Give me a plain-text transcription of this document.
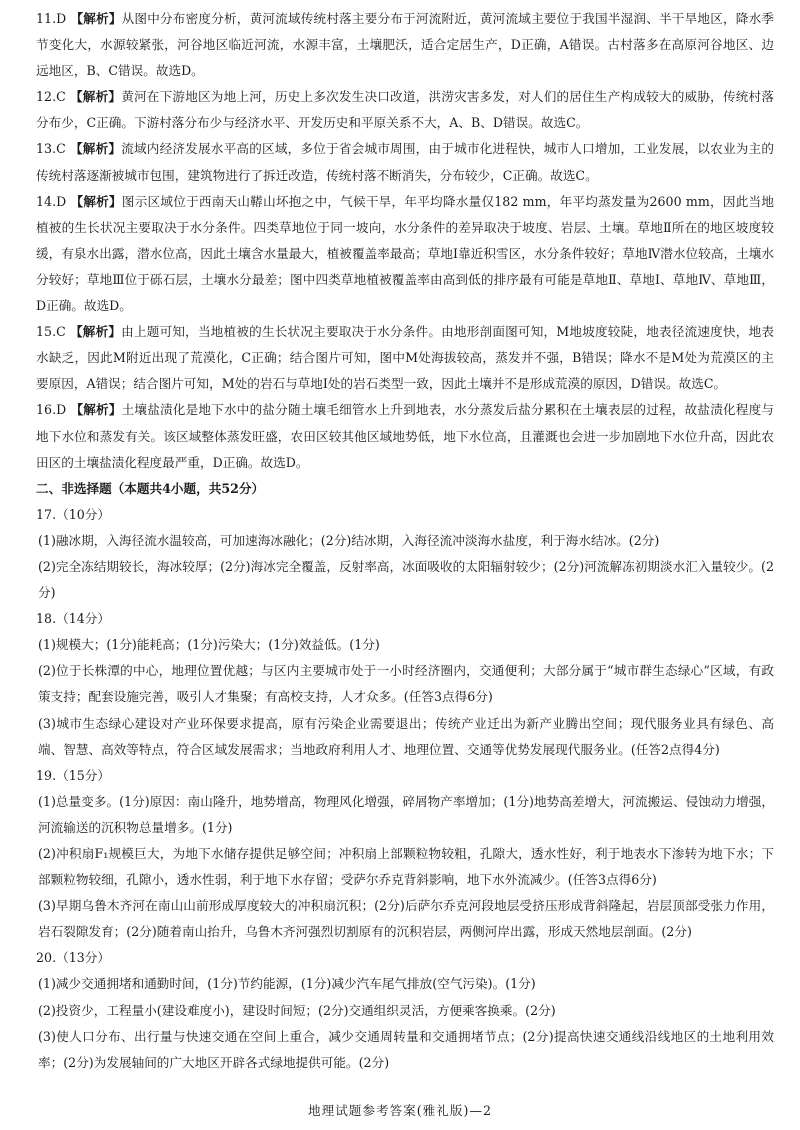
11.D 【解析】从图中分布密度分析，黄河流域传统村落主要分布于河流附近，黄河流域主要位于我国半湿润、半干旱地区，降水季节变化大，水源较紧张，河谷地区临近河流，水源丰富，土壤肥沃，适合定居生产，D正确，A错误。古村落多在高原河谷地区、边远地区，B、C错误。故选D。

12.C 【解析】黄河在下游地区为地上河，历史上多次发生决口改道，洪涝灾害多发，对人们的居住生产构成较大的威胁，传统村落分布少，C正确。下游村落分布少与经济水平、开发历史和平原关系不大，A、B、D错误。故选C。

13.C 【解析】流域内经济发展水平高的区域，多位于省会城市周围，由于城市化进程快，城市人口增加，工业发展，以农业为主的传统村落逐渐被城市包围，建筑物进行了拆迁改造，传统村落不断消失，分布较少，C正确。故选C。

14.D 【解析】图示区域位于西南天山鞯山坏抱之中，气候干旱，年平均降水量仅182 mm，年平均蒸发量为2600 mm，因此当地植被的生长状况主要取决于水分条件。四类草地位于同一坡向，水分条件的差异取决于坡度、岩层、土壤。草地Ⅱ所在的地区坡度较缓，有泉水出露，潜水位高，因此土壤含水量最大，植被覆盖率最高；草地Ⅰ靠近积雪区，水分条件较好；草地Ⅳ潜水位较高，土壤水分较好；草地Ⅲ位于砾石层，土壤水分最差；图中四类草地植被覆盖率由高到低的排序最有可能是草地Ⅱ、草地Ⅰ、草地Ⅳ、草地Ⅲ，D正确。故选D。

15.C 【解析】由上题可知，当地植被的生长状况主要取决于水分条件。由地形剖面图可知，M地坡度较陡，地表径流速度快，地表水缺乏，因此M附近出现了荒漠化，C正确；结合图片可知，图中M处海拔较高，蒸发并不强，B错误；降水不是M处为荒漠区的主要原因，A错误；结合图片可知，M处的岩石与草地Ⅰ处的岩石类型一致，因此土壤并不是形成荒漠的原因，D错误。故选C。

16.D 【解析】土壤盐渍化是地下水中的盐分随土壤毛细管水上升到地表，水分蒸发后盐分累积在土壤表层的过程，故盐渍化程度与地下水位和蒸发有关。该区域整体蒸发旺盛，农田区较其他区域地势低，地下水位高，且灌溉也会进一步加剧地下水位升高，因此农田区的土壤盐渍化程度最严重，D正确。故选D。

二、非选择题（本题共4小题，共52分）

17.（10分）

(1)融冰期，入海径流水温较高，可加速海冰融化；(2分)结冰期，入海径流冲淡海水盐度，利于海水结冰。(2分)

(2)完全冻结期较长，海冰较厚；(2分)海冰完全覆盖，反射率高，冰面吸收的太阳辐射较少；(2分)河流解冻初期淡水汇入量较少。(2分)

18.（14分）

(1)规模大；(1分)能耗高；(1分)污染大；(1分)效益低。(1分)

(2)位于长株潭的中心，地理位置优越；与区内主要城市处于一小时经济圈内，交通便利；大部分属于“城市群生态绿心”区域，有政策支持；配套设施完善，吸引人才集聚；有高校支持，人才众多。(任答3点得6分)

(3)城市生态绿心建设对产业环保要求提高，原有污染企业需要退出；传统产业迁出为新产业腾出空间；现代服务业具有绿色、高端、智慧、高效等特点，符合区域发展需求；当地政府利用人才、地理位置、交通等优势发展现代服务业。(任答2点得4分)

19.（15分）

(1)总量变多。(1分)原因：南山隆升，地势增高，物理风化增强，碎屑物产率增加；(1分)地势高差增大，河流搬运、侵蚀动力增强，河流输送的沉积物总量增多。(1分)

(2)冲积扇F₁规模巨大，为地下水储存提供足够空间；冲积扇上部颗粒物较粗，孔隙大，透水性好，利于地表水下渗转为地下水；下部颗粒物较细，孔隙小，透水性弱，利于地下水存留；受萨尔乔克背斜影响，地下水外流减少。(任答3点得6分)

(3)早期乌鲁木齐河在南山山前形成厚度较大的冲积扇沉积；(2分)后萨尔乔克河段地层受挤压形成背斜隆起，岩层顶部受张力作用，岩石裂隙发育；(2分)随着南山抬升，乌鲁木齐河强烈切割原有的沉积岩层，两侧河岸出露，形成天然地层剖面。(2分)

20.（13分）

(1)减少交通拥堵和通勤时间，(1分)节约能源，(1分)减少汽车尾气排放(空气污染)。(1分)

(2)投资少，工程量小(建设难度小)，建设时间短；(2分)交通组织灵活，方便乘客换乘。(2分)

(3)使人口分布、出行量与快速交通在空间上重合，减少交通周转量和交通拥堵节点；(2分)提高快速交通线沿线地区的土地利用效率；(2分)为发展轴间的广大地区开辟各式绿地提供可能。(2分)

地理试题参考答案(雅礼版)—2
